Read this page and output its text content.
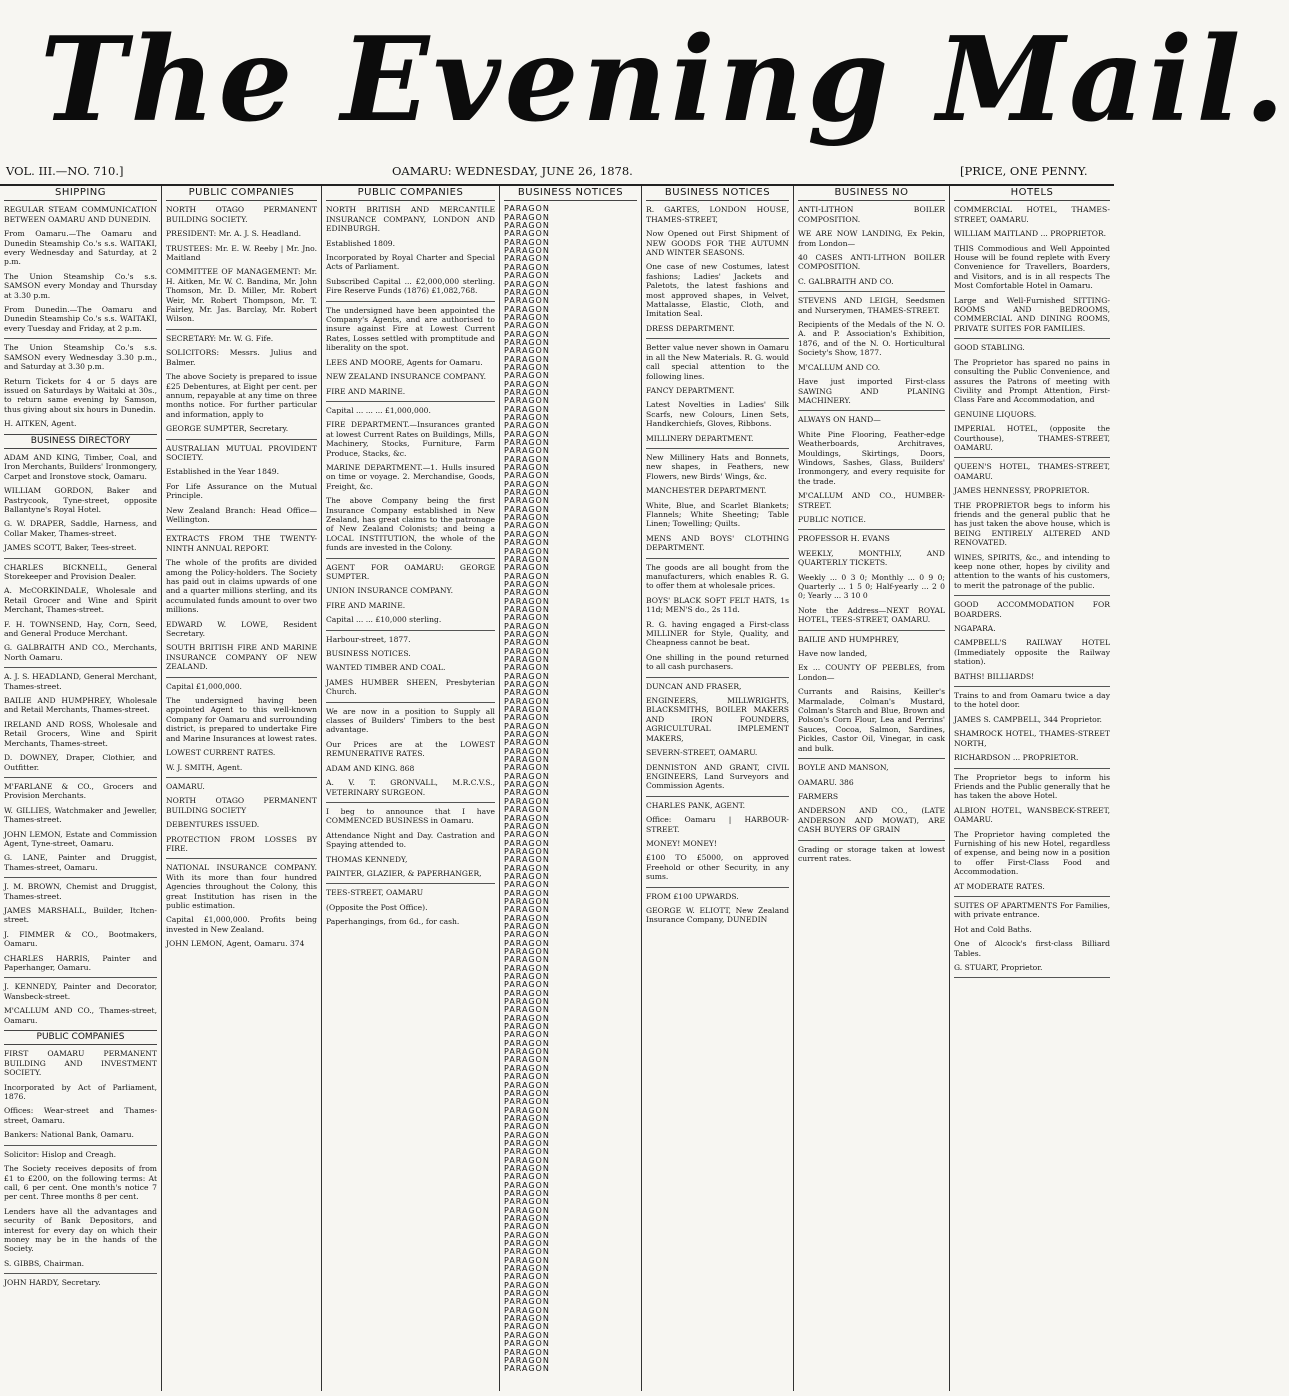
The Evening Mail.
VOL. III.—NO. 710.]	OAMARU: WEDNESDAY, JUNE 26, 1878.	[PRICE, ONE PENNY.
SHIPPING
REGULAR STEAM COMMUNICATION BETWEEN OAMARU AND DUNEDIN.
From Oamaru.—The Oamaru and Dunedin Steamship Co.'s s.s. WAITAKI, every Wednesday and Saturday, at 2 p.m.
The Union Steamship Co.'s s.s. SAMSON every Monday and Thursday at 3.30 p.m.
From Dunedin.—The Oamaru and Dunedin Steamship Co.'s s.s. WAITAKI, every Tuesday and Friday, at 2 p.m.
The Union Steamship Co.'s s.s. SAMSON every Wednesday 3.30 p.m., and Saturday at 3.30 p.m.
Return Tickets for 4 or 5 days are issued on Saturdays by Waitaki at 30s., to return same evening by Samson, thus giving about six hours in Dunedin.
H. AITKEN, Agent.
BUSINESS DIRECTORY
ADAM AND KING, Timber, Coal, and Iron Merchants, Builders' Ironmongery, Carpet and Ironstove stock, Oamaru.
WILLIAM GORDON, Baker and Pastrycook, Tyne-street, opposite Ballantyne's Royal Hotel.
G. W. DRAPER, Saddle, Harness, and Collar Maker, Thames-street.
JAMES SCOTT, Baker, Tees-street.
CHARLES BICKNELL, General Storekeeper and Provision Dealer.
A. McCORKINDALE, Wholesale and Retail Grocer and Wine and Spirit Merchant, Thames-street.
F. H. TOWNSEND, Hay, Corn, Seed, and General Produce Merchant.
G. GALBRAITH AND CO., Merchants, North Oamaru.
A. J. S. HEADLAND, General Merchant, Thames-street.
BAILIE AND HUMPHREY, Wholesale and Retail Merchants, Thames-street.
IRELAND AND ROSS, Wholesale and Retail Grocers, Wine and Spirit Merchants, Thames-street.
D. DOWNEY, Draper, Clothier, and Outfitter.
M'FARLANE & CO., Grocers and Provision Merchants.
W. GILLIES, Watchmaker and Jeweller, Thames-street.
JOHN LEMON, Estate and Commission Agent, Tyne-street, Oamaru.
G. LANE, Painter and Druggist, Thames-street, Oamaru.
J. M. BROWN, Chemist and Druggist, Thames-street.
JAMES MARSHALL, Builder, Itchen-street.
J. FIMMER & CO., Bootmakers, Oamaru.
CHARLES HARRIS, Painter and Paperhanger, Oamaru.
J. KENNEDY, Painter and Decorator, Wansbeck-street.
M'CALLUM AND CO., Thames-street, Oamaru.
PUBLIC COMPANIES
FIRST OAMARU PERMANENT BUILDING AND INVESTMENT SOCIETY.
Incorporated by Act of Parliament, 1876.
Offices: Wear-street and Thames-street, Oamaru.
Bankers: National Bank, Oamaru.
Solicitor: Hislop and Creagh.
The Society receives deposits of from £1 to £200, on the following terms: At call, 6 per cent. One month's notice 7 per cent. Three months 8 per cent.
Lenders have all the advantages and security of Bank Depositors, and interest for every day on which their money may be in the hands of the Society.
S. GIBBS, Chairman.
JOHN HARDY, Secretary.
PUBLIC COMPANIES
NORTH OTAGO PERMANENT BUILDING SOCIETY.
PRESIDENT: Mr. A. J. S. Headland.
TRUSTEES: Mr. E. W. Reeby | Mr. Jno. Maitland
COMMITTEE OF MANAGEMENT: Mr. H. Aitken, Mr. W. C. Bandina, Mr. John Thomson, Mr. D. Miller, Mr. Robert Weir, Mr. Robert Thompson, Mr. T. Fairley, Mr. Jas. Barclay, Mr. Robert Wilson.
SECRETARY: Mr. W. G. Fife.
SOLICITORS: Messrs. Julius and Balmer.
The above Society is prepared to issue £25 Debentures, at Eight per cent. per annum, repayable at any time on three months notice. For further particular and information, apply to
GEORGE SUMPTER, Secretary.
AUSTRALIAN MUTUAL PROVIDENT SOCIETY.
Established in the Year 1849.
For Life Assurance on the Mutual Principle.
New Zealand Branch: Head Office—Wellington.
EXTRACTS FROM THE TWENTY-NINTH ANNUAL REPORT.
The whole of the profits are divided among the Policy-holders. The Society has paid out in claims upwards of one and a quarter millions sterling, and its accumulated funds amount to over two millions.
EDWARD W. LOWE, Resident Secretary.
SOUTH BRITISH FIRE AND MARINE INSURANCE COMPANY OF NEW ZEALAND.
Capital £1,000,000.
The undersigned having been appointed Agent to this well-known Company for Oamaru and surrounding district, is prepared to undertake Fire and Marine Insurances at lowest rates.
LOWEST CURRENT RATES.
W. J. SMITH, Agent.
OAMARU.
NORTH OTAGO PERMANENT BUILDING SOCIETY
DEBENTURES ISSUED.
PROTECTION FROM LOSSES BY FIRE.
NATIONAL INSURANCE COMPANY. With its more than four hundred Agencies throughout the Colony, this great Institution has risen in the public estimation.
Capital £1,000,000. Profits being invested in New Zealand.
JOHN LEMON, Agent, Oamaru. 374
PUBLIC COMPANIES
NORTH BRITISH AND MERCANTILE INSURANCE COMPANY, LONDON AND EDINBURGH.
Established 1809.
Incorporated by Royal Charter and Special Acts of Parliament.
Subscribed Capital ... £2,000,000 sterling. Fire Reserve Funds (1876) £1,082,768.
The undersigned have been appointed the Company's Agents, and are authorised to insure against Fire at Lowest Current Rates, Losses settled with promptitude and liberality on the spot.
LEES AND MOORE, Agents for Oamaru.
NEW ZEALAND INSURANCE COMPANY.
FIRE AND MARINE.
Capital ... ... ... £1,000,000.
FIRE DEPARTMENT.—Insurances granted at lowest Current Rates on Buildings, Mills, Machinery, Stocks, Furniture, Farm Produce, Stacks, &c.
MARINE DEPARTMENT.—1. Hulls insured on time or voyage. 2. Merchandise, Goods, Freight, &c.
The above Company being the first Insurance Company established in New Zealand, has great claims to the patronage of New Zealand Colonists; and being a LOCAL INSTITUTION, the whole of the funds are invested in the Colony.
AGENT FOR OAMARU: GEORGE SUMPTER.
UNION INSURANCE COMPANY.
FIRE AND MARINE.
Capital ... ... £10,000 sterling.
Harbour-street, 1877.
BUSINESS NOTICES.
WANTED TIMBER AND COAL.
JAMES HUMBER SHEEN, Presbyterian Church.
We are now in a position to Supply all classes of Builders' Timbers to the best advantage.
Our Prices are at the LOWEST REMUNERATIVE RATES.
ADAM AND KING. 868
A. V. T. GRONVALL, M.R.C.V.S., VETERINARY SURGEON.
I beg to announce that I have COMMENCED BUSINESS in Oamaru.
Attendance Night and Day. Castration and Spaying attended to.
THOMAS KENNEDY,
PAINTER, GLAZIER, & PAPERHANGER,
TEES-STREET, OAMARU
(Opposite the Post Office).
Paperhangings, from 6d., for cash.
BUSINESS NOTICES
PARAGON
PARAGON
PARAGON
PARAGON
PARAGON
PARAGON
PARAGON
PARAGON
PARAGON
PARAGON
PARAGON
PARAGON
PARAGON
PARAGON
PARAGON
PARAGON
PARAGON
PARAGON
PARAGON
PARAGON
PARAGON
PARAGON
PARAGON
PARAGON
PARAGON
PARAGON
PARAGON
PARAGON
PARAGON
PARAGON
PARAGON
PARAGON
PARAGON
PARAGON
PARAGON
PARAGON
PARAGON
PARAGON
PARAGON
PARAGON
PARAGON
PARAGON
PARAGON
PARAGON
PARAGON
PARAGON
PARAGON
PARAGON
PARAGON
PARAGON
PARAGON
PARAGON
PARAGON
PARAGON
PARAGON
PARAGON
PARAGON
PARAGON
PARAGON
PARAGON
PARAGON
PARAGON
PARAGON
PARAGON
PARAGON
PARAGON
PARAGON
PARAGON
PARAGON
PARAGON
PARAGON
PARAGON
PARAGON
PARAGON
PARAGON
PARAGON
PARAGON
PARAGON
PARAGON
PARAGON
PARAGON
PARAGON
PARAGON
PARAGON
PARAGON
PARAGON
PARAGON
PARAGON
PARAGON
PARAGON
PARAGON
PARAGON
PARAGON
PARAGON
PARAGON
PARAGON
PARAGON
PARAGON
PARAGON
PARAGON
PARAGON
PARAGON
PARAGON
PARAGON
PARAGON
PARAGON
PARAGON
PARAGON
PARAGON
PARAGON
PARAGON
PARAGON
PARAGON
PARAGON
PARAGON
PARAGON
PARAGON
PARAGON
PARAGON
PARAGON
PARAGON
PARAGON
PARAGON
PARAGON
PARAGON
PARAGON
PARAGON
PARAGON
PARAGON
PARAGON
PARAGON
PARAGON
PARAGON
PARAGON
PARAGON
PARAGON
PARAGON
PARAGON
PARAGON
PARAGON
BUSINESS NOTICES
R. GARTES, LONDON HOUSE, THAMES-STREET,
Now Opened out First Shipment of NEW GOODS FOR THE AUTUMN AND WINTER SEASONS.
One case of new Costumes, latest fashions; Ladies' Jackets and Paletots, the latest fashions and most approved shapes, in Velvet, Mattalasse, Elastic, Cloth, and Imitation Seal.
DRESS DEPARTMENT.
Better value never shown in Oamaru in all the New Materials. R. G. would call special attention to the following lines.
FANCY DEPARTMENT.
Latest Novelties in Ladies' Silk Scarfs, new Colours, Linen Sets, Handkerchiefs, Gloves, Ribbons.
MILLINERY DEPARTMENT.
New Millinery Hats and Bonnets, new shapes, in Feathers, new Flowers, new Birds' Wings, &c.
MANCHESTER DEPARTMENT.
White, Blue, and Scarlet Blankets; Flannels; White Sheeting; Table Linen; Towelling; Quilts.
MENS AND BOYS' CLOTHING DEPARTMENT.
The goods are all bought from the manufacturers, which enables R. G. to offer them at wholesale prices.
BOYS' BLACK SOFT FELT HATS, 1s 11d; MEN'S do., 2s 11d.
R. G. having engaged a First-class MILLINER for Style, Quality, and Cheapness cannot be beat.
One shilling in the pound returned to all cash purchasers.
DUNCAN AND FRASER,
ENGINEERS, MILLWRIGHTS, BLACKSMITHS, BOILER MAKERS AND IRON FOUNDERS, AGRICULTURAL IMPLEMENT MAKERS,
SEVERN-STREET, OAMARU.
DENNISTON AND GRANT, CIVIL ENGINEERS, Land Surveyors and Commission Agents.
CHARLES PANK, AGENT.
Office: Oamaru | HARBOUR-STREET.
MONEY! MONEY!
£100 TO £5000, on approved Freehold or other Security, in any sums.
FROM £100 UPWARDS.
GEORGE W. ELIOTT, New Zealand Insurance Company, DUNEDIN
BUSINESS NO
ANTI-LITHON BOILER COMPOSITION.
WE ARE NOW LANDING, Ex Pekin, from London—
40 CASES ANTI-LITHON BOILER COMPOSITION.
C. GALBRAITH AND CO.
STEVENS AND LEIGH, Seedsmen and Nurserymen, THAMES-STREET.
Recipients of the Medals of the N. O. A. and P. Association's Exhibition, 1876, and of the N. O. Horticultural Society's Show, 1877.
M'CALLUM AND CO.
Have just imported First-class SAWING AND PLANING MACHINERY.
ALWAYS ON HAND—
White Pine Flooring, Feather-edge Weatherboards, Architraves, Mouldings, Skirtings, Doors, Windows, Sashes, Glass, Builders' Ironmongery, and every requisite for the trade.
M'CALLUM AND CO., HUMBER-STREET.
PUBLIC NOTICE.
PROFESSOR H. EVANS
WEEKLY, MONTHLY, AND QUARTERLY TICKETS.
Weekly ... 0 3 0; Monthly ... 0 9 0; Quarterly ... 1 5 0; Half-yearly ... 2 0 0; Yearly ... 3 10 0
Note the Address—NEXT ROYAL HOTEL, TEES-STREET, OAMARU.
BAILIE AND HUMPHREY,
Have now landed,
Ex ... COUNTY OF PEEBLES, from London—
Currants and Raisins, Keiller's Marmalade, Colman's Mustard, Colman's Starch and Blue, Brown and Polson's Corn Flour, Lea and Perrins' Sauces, Cocoa, Salmon, Sardines, Pickles, Castor Oil, Vinegar, in cask and bulk.
BOYLE AND MANSON,
OAMARU. 386
FARMERS
ANDERSON AND CO., (LATE ANDERSON AND MOWAT), ARE CASH BUYERS OF GRAIN
Grading or storage taken at lowest current rates.
HOTELS
COMMERCIAL HOTEL, THAMES-STREET, OAMARU.
WILLIAM MAITLAND ... PROPRIETOR.
THIS Commodious and Well Appointed House will be found replete with Every Convenience for Travellers, Boarders, and Visitors, and is in all respects The Most Comfortable Hotel in Oamaru.
Large and Well-Furnished SITTING-ROOMS AND BEDROOMS, COMMERCIAL AND DINING ROOMS, PRIVATE SUITES FOR FAMILIES.
GOOD STABLING.
The Proprietor has spared no pains in consulting the Public Convenience, and assures the Patrons of meeting with Civility and Prompt Attention, First-Class Fare and Accommodation, and
GENUINE LIQUORS.
IMPERIAL HOTEL, (opposite the Courthouse), THAMES-STREET, OAMARU.
QUEEN'S HOTEL, THAMES-STREET, OAMARU.
JAMES HENNESSY, PROPRIETOR.
THE PROPRIETOR begs to inform his friends and the general public that he has just taken the above house, which is BEING ENTIRELY ALTERED AND RENOVATED.
WINES, SPIRITS, &c., and intending to keep none other, hopes by civility and attention to the wants of his customers, to merit the patronage of the public.
GOOD ACCOMMODATION FOR BOARDERS.
NGAPARA.
CAMPBELL'S RAILWAY HOTEL (Immediately opposite the Railway station).
BATHS! BILLIARDS!
Trains to and from Oamaru twice a day to the hotel door.
JAMES S. CAMPBELL, 344 Proprietor.
SHAMROCK HOTEL, THAMES-STREET NORTH,
RICHARDSON ... PROPRIETOR.
The Proprietor begs to inform his Friends and the Public generally that he has taken the above Hotel.
ALBION HOTEL, WANSBECK-STREET, OAMARU.
The Proprietor having completed the Furnishing of his new Hotel, regardless of expense, and being now in a position to offer First-Class Food and Accommodation.
AT MODERATE RATES.
SUITES OF APARTMENTS For Families, with private entrance.
Hot and Cold Baths.
One of Alcock's first-class Billiard Tables.
G. STUART, Proprietor.
